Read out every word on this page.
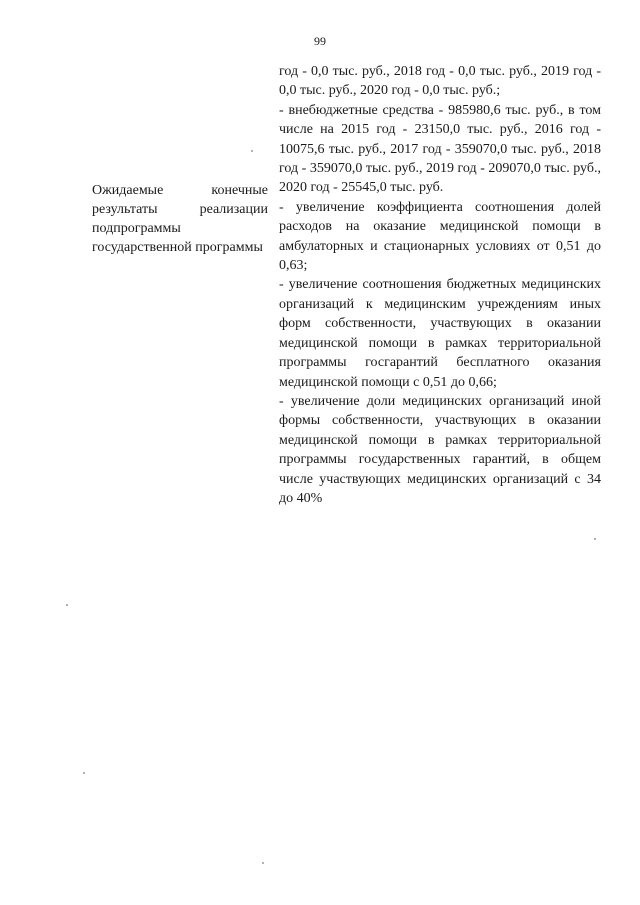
99
Ожидаемые конечные результаты реализации подпрограммы государственной программы

год - 0,0 тыс. руб., 2018 год - 0,0 тыс. руб., 2019 год - 0,0 тыс. руб., 2020 год - 0,0 тыс. руб.;

- внебюджетные средства - 985980,6 тыс. руб., в том числе на 2015 год - 23150,0 тыс. руб., 2016 год - 10075,6 тыс. руб., 2017 год - 359070,0 тыс. руб., 2018 год - 359070,0 тыс. руб., 2019 год - 209070,0 тыс. руб., 2020 год - 25545,0 тыс. руб.

- увеличение коэффициента соотношения долей расходов на оказание медицинской помощи в амбулаторных и стационарных условиях от 0,51 до 0,63;

- увеличение соотношения бюджетных медицинских организаций к медицинским учреждениям иных форм собственности, участвующих в оказании медицинской помощи в рамках территориальной программы госгарантий бесплатного оказания медицинской помощи с 0,51 до 0,66;

- увеличение доли медицинских организаций иной формы собственности, участвующих в оказании медицинской помощи в рамках территориальной программы государственных гарантий, в общем числе участвующих медицинских организаций с 34 до 40%
